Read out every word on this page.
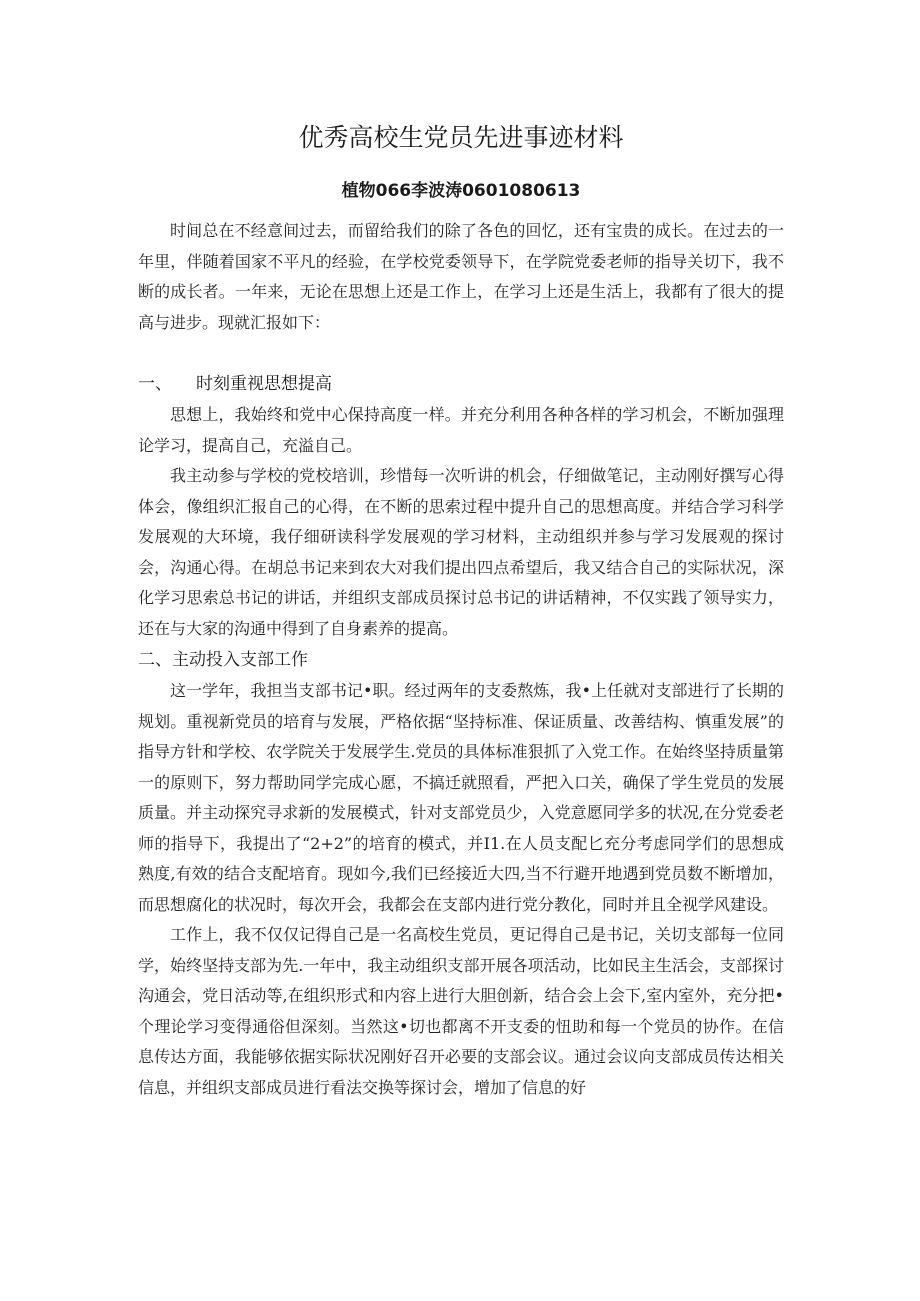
优秀高校生党员先进事迹材料
植物066李波涛0601080613

时间总在不经意间过去，而留给我们的除了各色的回忆，还有宝贵的成长。在过去的一年里，伴随着国家不平凡的经验，在学校党委领导下，在学院党委老师的指导关切下，我不断的成长者。一年来，无论在思想上还是工作上，在学习上还是生活上，我都有了很大的提高与进步。现就汇报如下：

一、 时刻重视思想提高

思想上，我始终和党中心保持高度一样。并充分利用各种各样的学习机会，不断加强理论学习，提高自己，充溢自己。

我主动参与学校的党校培训，珍惜每一次听讲的机会，仔细做笔记，主动刚好撰写心得体会，像组织汇报自己的心得，在不断的思索过程中提升自己的思想高度。并结合学习科学发展观的大环境，我仔细研读科学发展观的学习材料，主动组织并参与学习发展观的探讨会，沟通心得。在胡总书记来到农大对我们提出四点希望后，我又结合自己的实际状况，深化学习思索总书记的讲话，并组织支部成员探讨总书记的讲话精神，不仅实践了领导实力，还在与大家的沟通中得到了自身素养的提高。

二、主动投入支部工作

这一学年，我担当支部书记•职。经过两年的支委熬炼，我•上任就对支部进行了长期的规划。重视新党员的培育与发展，严格依据“坚持标准、保证质量、改善结构、慎重发展”的指导方针和学校、农学院关于发展学生.党员的具体标准狠抓了入党工作。在始终坚持质量第一的原则下，努力帮助同学完成心愿，不搞迁就照看，严把入口关，确保了学生党员的发展质量。并主动探究寻求新的发展模式，针对支部党员少，入党意愿同学多的状况,在分党委老师的指导下，我提出了“2+2”的培育的模式，并I1.在人员支配匕充分考虑同学们的思想成熟度,有效的结合支配培育。现如今,我们已经接近大四,当不行避开地遇到党员数不断增加，而思想腐化的状况时，每次开会，我都会在支部内进行党分教化，同时并且全视学风建设。

工作上，我不仅仅记得自己是一名高校生党员，更记得自己是书记，关切支部每一位同学，始终坚持支部为先.一年中，我主动组织支部开展各项活动，比如民主生活会，支部探讨沟通会，党日活动等,在组织形式和内容上进行大胆创新，结合会上会下,室内室外，充分把•个理论学习变得通俗但深刻。当然这•切也都离不开支委的忸助和每一个党员的协作。在信息传达方面，我能够依据实际状况刚好召开必要的支部会议。通过会议向支部成员传达相关信息，并组织支部成员进行看法交换等探讨会，增加了信息的好
